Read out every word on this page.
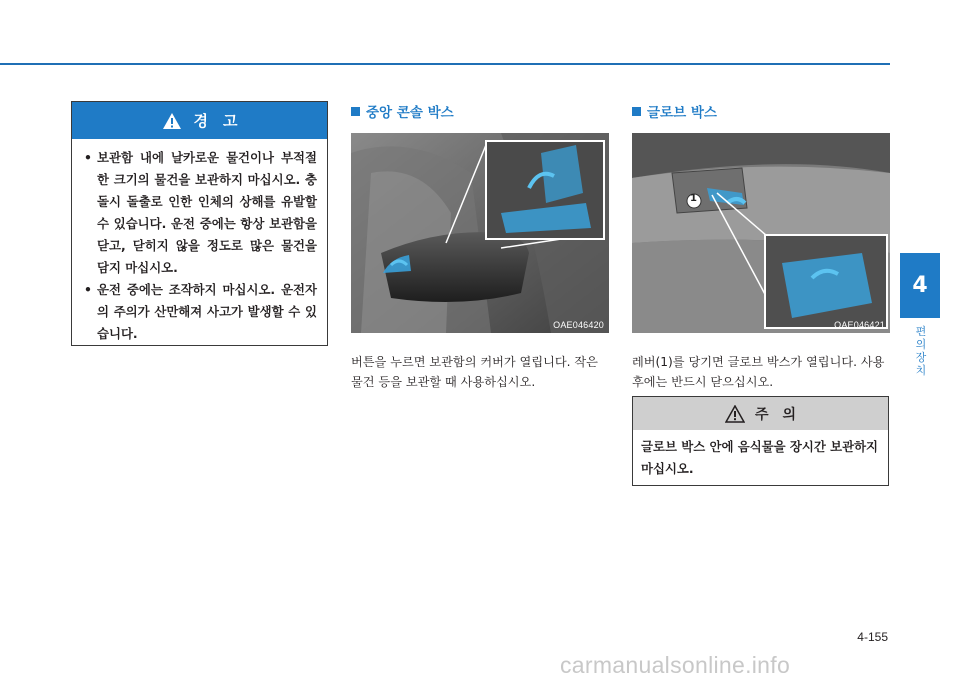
경　고
• 보관함 내에 날카로운 물건이나 부적절한 크기의 물건을 보관하지 마십시오. 충돌시 돌출로 인한 인체의 상해를 유발할 수 있습니다. 운전 중에는 항상 보관함을 닫고, 닫히지 않을 정도로 많은 물건을 담지 마십시오.
• 운전 중에는 조작하지 마십시오. 운전자의 주의가 산만해져 사고가 발생할 수 있습니다.
중앙 콘솔 박스
OAE046420
버튼을 누르면 보관함의 커버가 열립니다. 작은 물건 등을 보관할 때 사용하십시오.
글로브 박스
1
OAE046421
레버(1)를 당기면 글로브 박스가 열립니다. 사용 후에는 반드시 닫으십시오.
주　의
글로브 박스 안에 음식물을 장시간 보관하지 마십시오.
4
편의 장치
4-155
carmanualsonline.info
